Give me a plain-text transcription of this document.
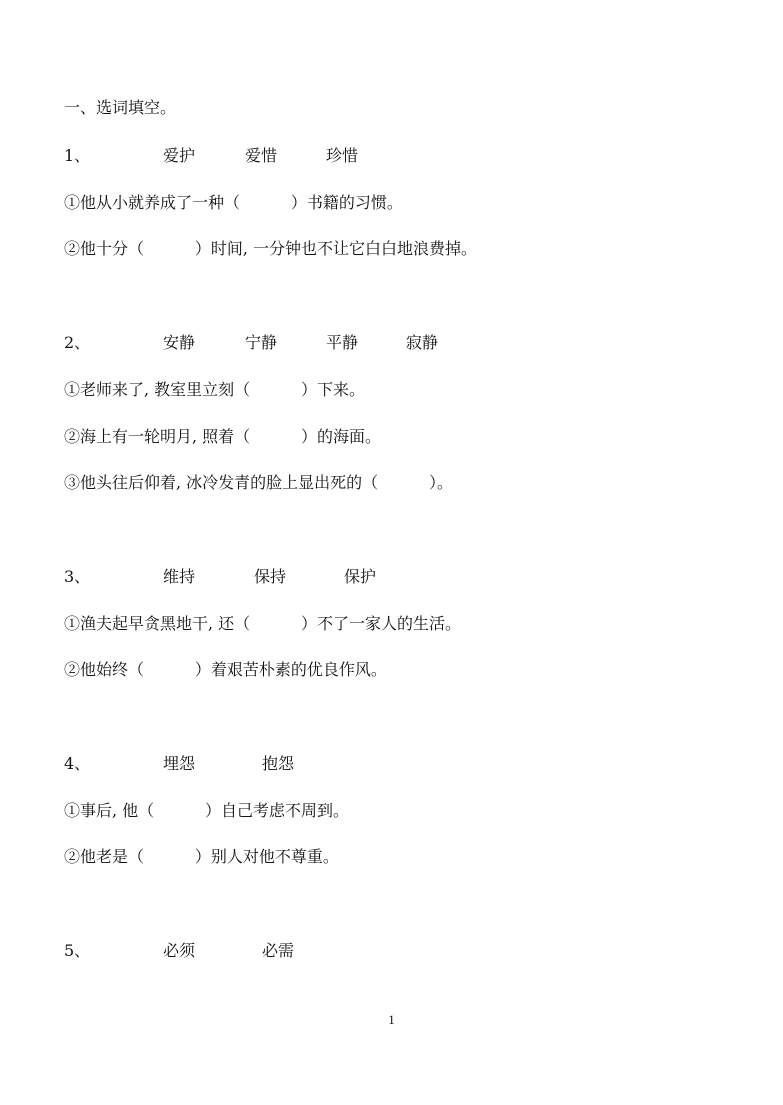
一、选词填空。
1、	爱护	爱惜	珍惜
①他从小就养成了一种（          ）书籍的习惯。
②他十分（          ）时间, 一分钟也不让它白白地浪费掉。
2、	安静	宁静	平静	寂静
①老师来了, 教室里立刻（          ）下来。
②海上有一轮明月, 照着（          ）的海面。
③他头往后仰着, 冰冷发青的脸上显出死的（          ）。
3、	维持	保持	保护
①渔夫起早贪黑地干, 还（          ）不了一家人的生活。
②他始终（          ）着艰苦朴素的优良作风。
4、	埋怨	抱怨
①事后, 他（          ）自己考虑不周到。
②他老是（          ）别人对他不尊重。
5、	必须	必需
1
